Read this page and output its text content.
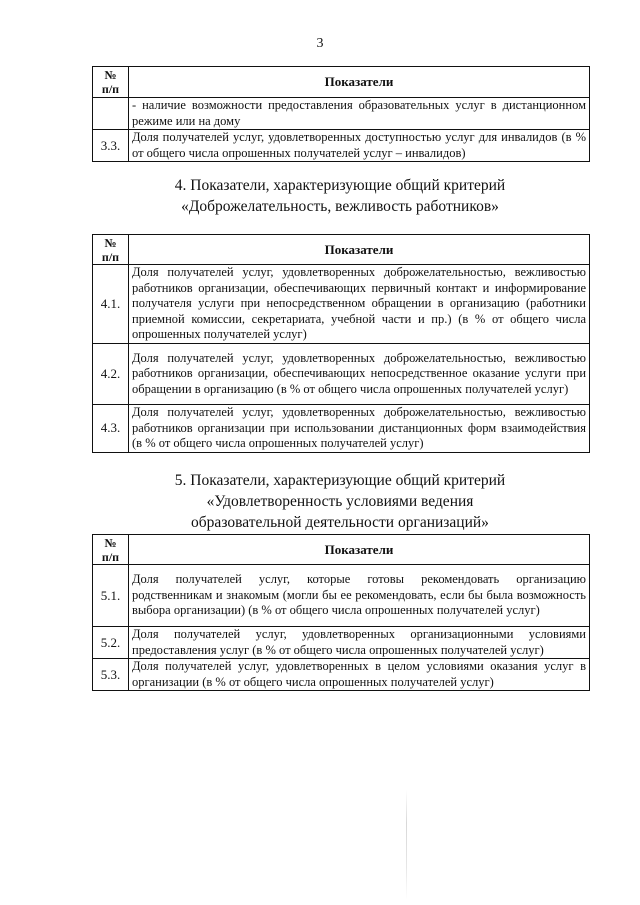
3
№
п/п	Показатели
	- наличие возможности предоставления образовательных услуг в дистанционном режиме или на дому
3.3.	Доля получателей услуг, удовлетворенных доступностью услуг для инвалидов (в % от общего числа опрошенных получателей услуг – инвалидов)
4. Показатели, характеризующие общий критерий
«Доброжелательность, вежливость работников»
№
п/п	Показатели
4.1.	Доля получателей услуг, удовлетворенных доброжелательностью, вежливостью работников организации, обеспечивающих первичный контакт и информирование получателя услуги при непосредственном обращении в организацию (работники приемной комиссии, секретариата, учебной части и пр.) (в % от общего числа опрошенных получателей услуг)
4.2.	Доля получателей услуг, удовлетворенных доброжелательностью, вежливостью работников организации, обеспечивающих непосредственное оказание услуги при обращении в организацию (в % от общего числа опрошенных получателей услуг)
4.3.	Доля получателей услуг, удовлетворенных доброжелательностью, вежливостью работников организации при использовании дистанционных форм взаимодействия (в % от общего числа опрошенных получателей услуг)
5. Показатели, характеризующие общий критерий
«Удовлетворенность условиями ведения
образовательной деятельности организаций»
№
п/п	Показатели
5.1.	Доля получателей услуг, которые готовы рекомендовать организацию родственникам и знакомым (могли бы ее рекомендовать, если бы была возможность выбора организации) (в % от общего числа опрошенных получателей услуг)
5.2.	Доля получателей услуг, удовлетворенных организационными условиями предоставления услуг (в % от общего числа опрошенных получателей услуг)
5.3.	Доля получателей услуг, удовлетворенных в целом условиями оказания услуг в организации (в % от общего числа опрошенных получателей услуг)
